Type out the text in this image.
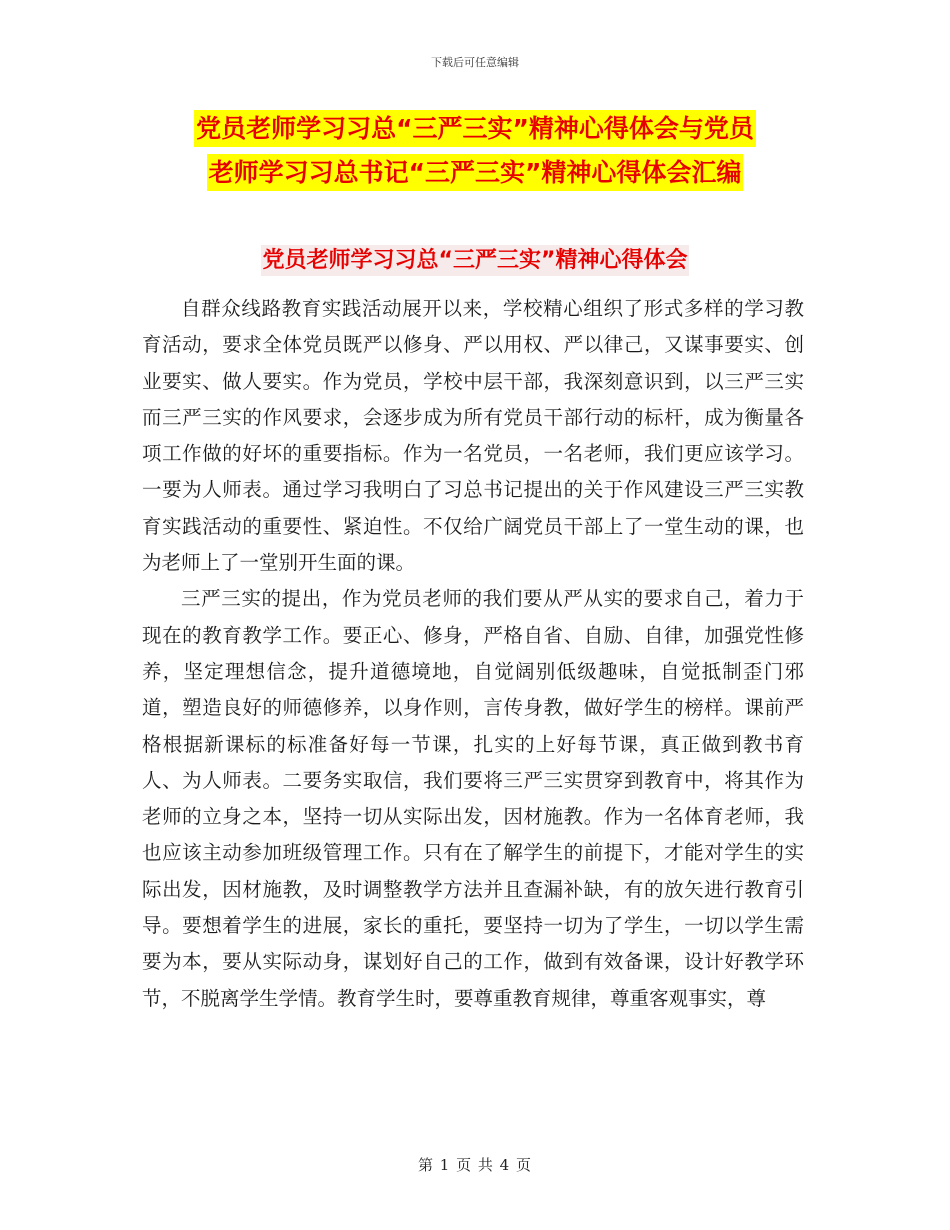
下载后可任意编辑
党员老师学习习总“三严三实”精神心得体会与党员
老师学习习总书记“三严三实”精神心得体会汇编
党员老师学习习总“三严三实”精神心得体会

自群众线路教育实践活动展开以来，学校精心组织了形式多样的学习教育活动，要求全体党员既严以修身、严以用权、严以律己，又谋事要实、创业要实、做人要实。作为党员，学校中层干部，我深刻意识到，以三严三实而三严三实的作风要求，会逐步成为所有党员干部行动的标杆，成为衡量各项工作做的好坏的重要指标。作为一名党员，一名老师，我们更应该学习。一要为人师表。通过学习我明白了习总书记提出的关于作风建设三严三实教育实践活动的重要性、紧迫性。不仅给广阔党员干部上了一堂生动的课，也为老师上了一堂别开生面的课。

三严三实的提出，作为党员老师的我们要从严从实的要求自己，着力于现在的教育教学工作。要正心、修身，严格自省、自励、自律，加强党性修养，坚定理想信念，提升道德境地，自觉阔别低级趣味，自觉抵制歪门邪道，塑造良好的师德修养，以身作则，言传身教，做好学生的榜样。课前严格根据新课标的标准备好每一节课，扎实的上好每节课，真正做到教书育人、为人师表。二要务实取信，我们要将三严三实贯穿到教育中，将其作为老师的立身之本，坚持一切从实际出发，因材施教。作为一名体育老师，我也应该主动参加班级管理工作。只有在了解学生的前提下，才能对学生的实际出发，因材施教，及时调整教学方法并且查漏补缺，有的放矢进行教育引导。要想着学生的进展，家长的重托，要坚持一切为了学生，一切以学生需要为本，要从实际动身，谋划好自己的工作，做到有效备课，设计好教学环节，不脱离学生学情。教育学生时，要尊重教育规律，尊重客观事实，尊

第 1 页 共 4 页
